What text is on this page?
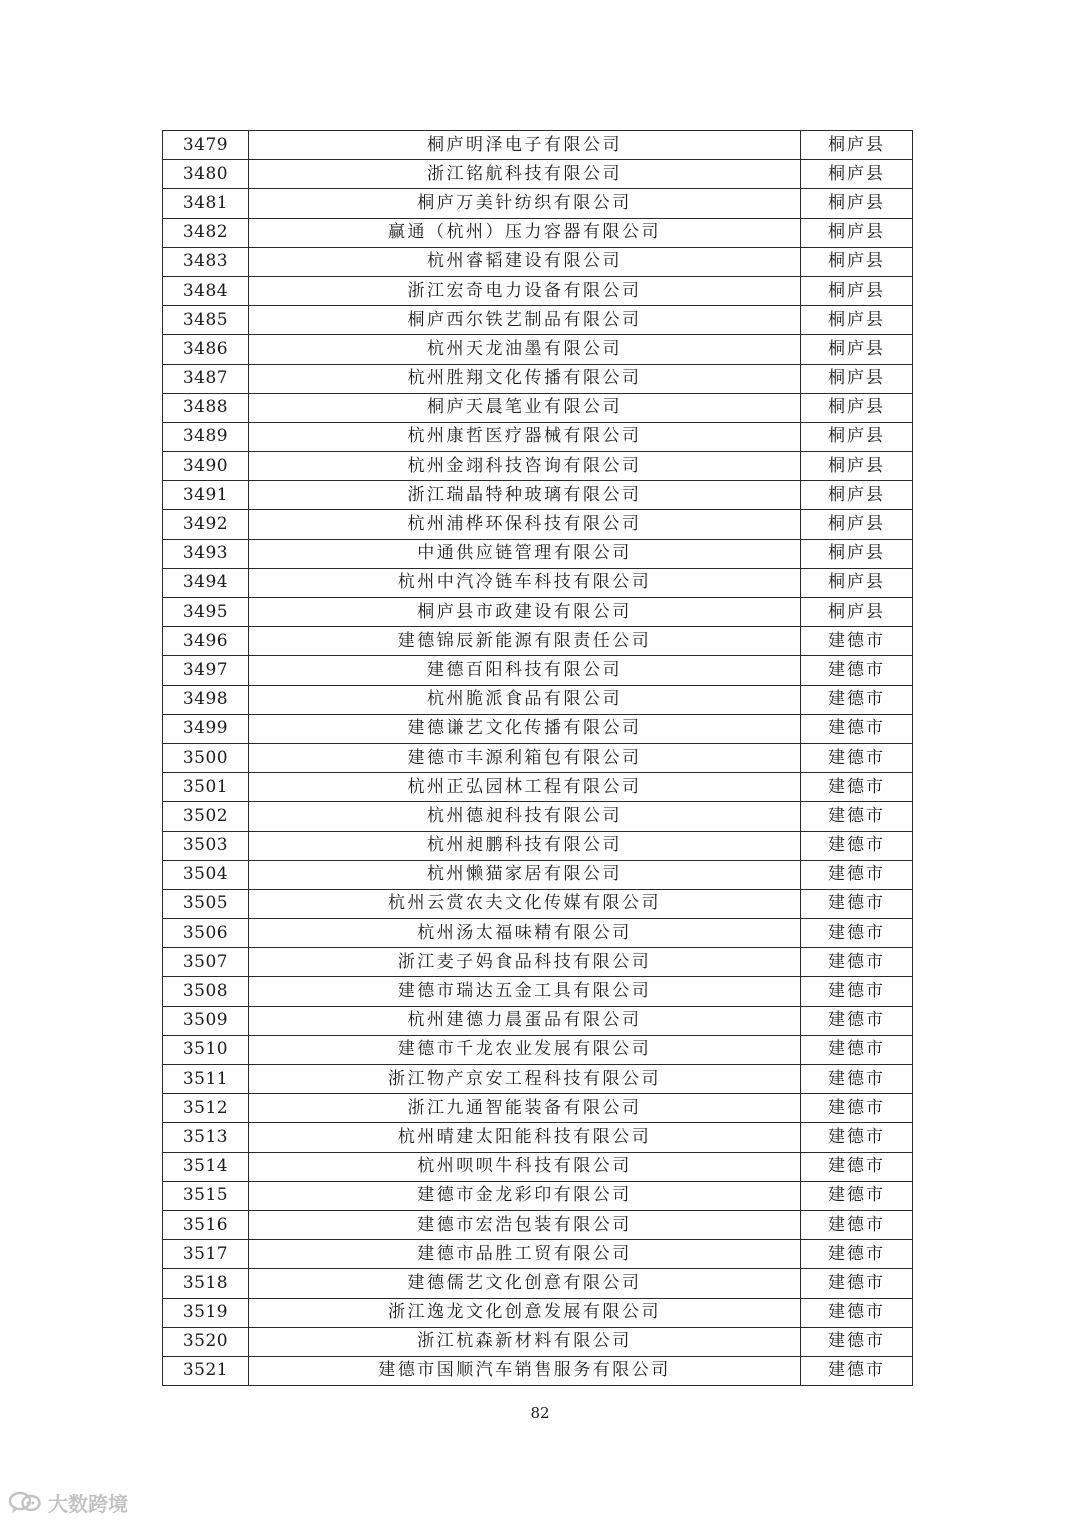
3479	桐庐明泽电子有限公司	桐庐县
3480	浙江铭航科技有限公司	桐庐县
3481	桐庐万美针纺织有限公司	桐庐县
3482	赢通（杭州）压力容器有限公司	桐庐县
3483	杭州睿韬建设有限公司	桐庐县
3484	浙江宏奇电力设备有限公司	桐庐县
3485	桐庐西尔铁艺制品有限公司	桐庐县
3486	杭州天龙油墨有限公司	桐庐县
3487	杭州胜翔文化传播有限公司	桐庐县
3488	桐庐天晨笔业有限公司	桐庐县
3489	杭州康哲医疗器械有限公司	桐庐县
3490	杭州金翊科技咨询有限公司	桐庐县
3491	浙江瑞晶特种玻璃有限公司	桐庐县
3492	杭州浦桦环保科技有限公司	桐庐县
3493	中通供应链管理有限公司	桐庐县
3494	杭州中汽冷链车科技有限公司	桐庐县
3495	桐庐县市政建设有限公司	桐庐县
3496	建德锦辰新能源有限责任公司	建德市
3497	建德百阳科技有限公司	建德市
3498	杭州脆派食品有限公司	建德市
3499	建德谦艺文化传播有限公司	建德市
3500	建德市丰源利箱包有限公司	建德市
3501	杭州正弘园林工程有限公司	建德市
3502	杭州德昶科技有限公司	建德市
3503	杭州昶鹏科技有限公司	建德市
3504	杭州懒猫家居有限公司	建德市
3505	杭州云赏农夫文化传媒有限公司	建德市
3506	杭州汤太福味精有限公司	建德市
3507	浙江麦子妈食品科技有限公司	建德市
3508	建德市瑞达五金工具有限公司	建德市
3509	杭州建德力晨蛋品有限公司	建德市
3510	建德市千龙农业发展有限公司	建德市
3511	浙江物产京安工程科技有限公司	建德市
3512	浙江九通智能装备有限公司	建德市
3513	杭州晴建太阳能科技有限公司	建德市
3514	杭州呗呗牛科技有限公司	建德市
3515	建德市金龙彩印有限公司	建德市
3516	建德市宏浩包装有限公司	建德市
3517	建德市品胜工贸有限公司	建德市
3518	建德儒艺文化创意有限公司	建德市
3519	浙江逸龙文化创意发展有限公司	建德市
3520	浙江杭森新材料有限公司	建德市
3521	建德市国顺汽车销售服务有限公司	建德市
82
大数跨境
